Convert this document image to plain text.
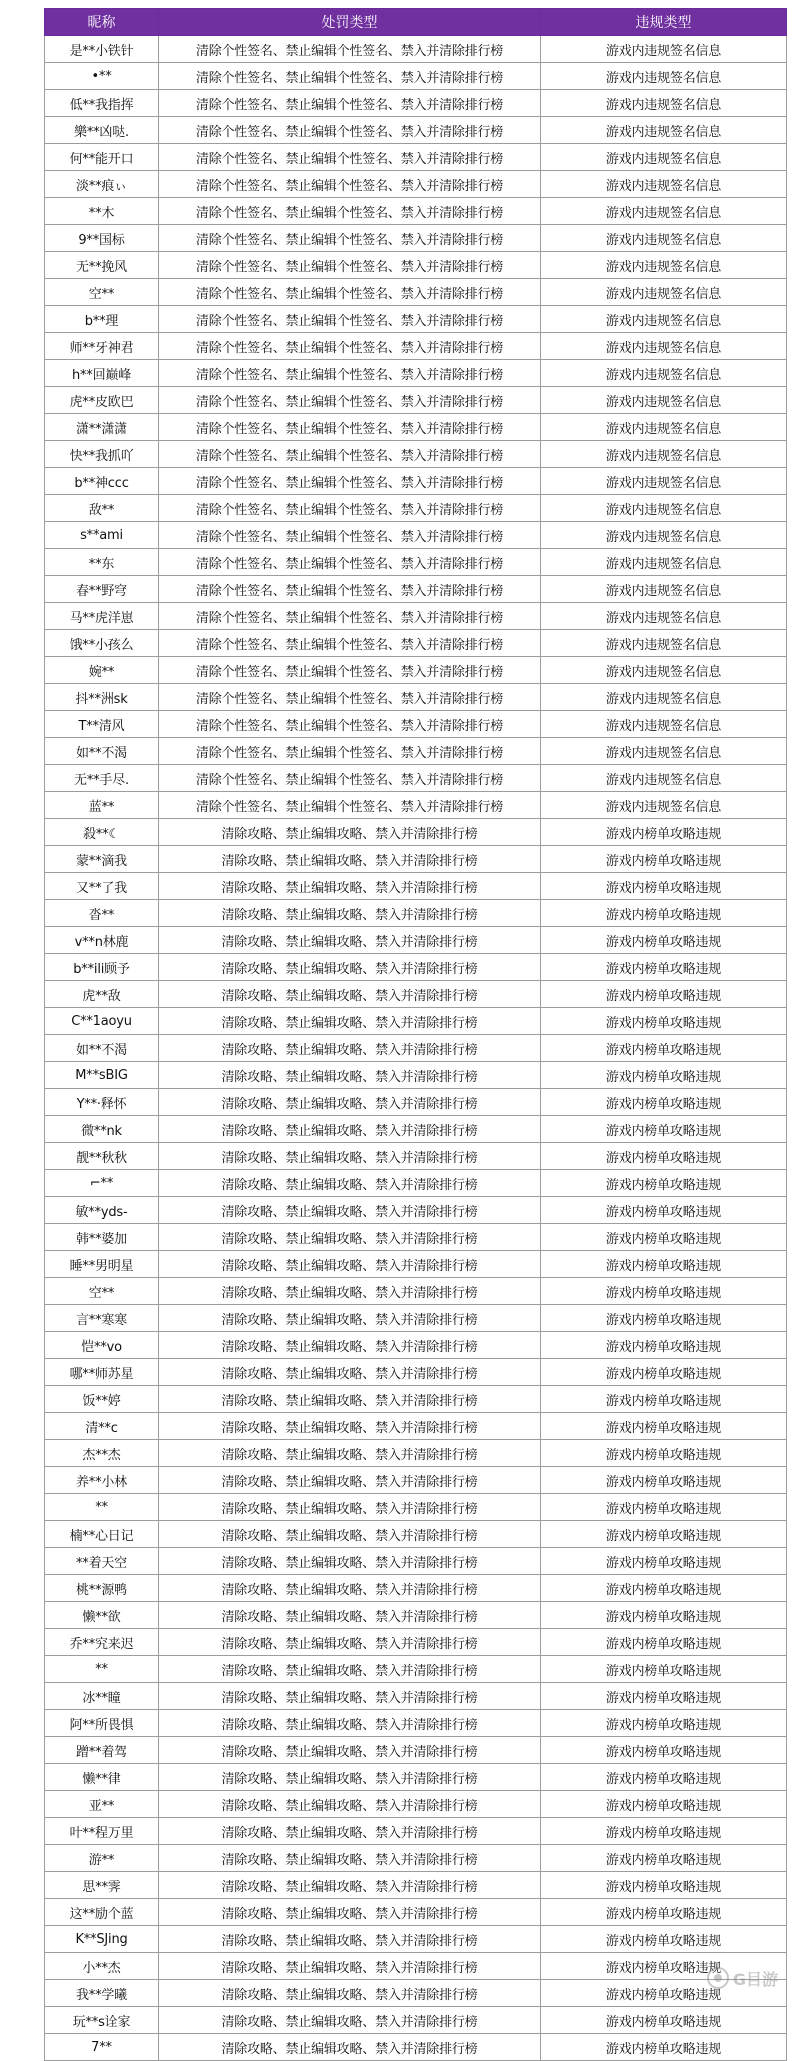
昵称	处罚类型	违规类型
是**小铁针	清除个性签名、禁止编辑个性签名、禁入并清除排行榜	游戏内违规签名信息
•**	清除个性签名、禁止编辑个性签名、禁入并清除排行榜	游戏内违规签名信息
低**我指挥	清除个性签名、禁止编辑个性签名、禁入并清除排行榜	游戏内违规签名信息
樂**凶哒.	清除个性签名、禁止编辑个性签名、禁入并清除排行榜	游戏内违规签名信息
何**能开口	清除个性签名、禁止编辑个性签名、禁入并清除排行榜	游戏内违规签名信息
淡**痕ぃ	清除个性签名、禁止编辑个性签名、禁入并清除排行榜	游戏内违规签名信息
**木	清除个性签名、禁止编辑个性签名、禁入并清除排行榜	游戏内违规签名信息
9**国标	清除个性签名、禁止编辑个性签名、禁入并清除排行榜	游戏内违规签名信息
无**挽风	清除个性签名、禁止编辑个性签名、禁入并清除排行榜	游戏内违规签名信息
空**	清除个性签名、禁止编辑个性签名、禁入并清除排行榜	游戏内违规签名信息
b**理	清除个性签名、禁止编辑个性签名、禁入并清除排行榜	游戏内违规签名信息
师**牙神君	清除个性签名、禁止编辑个性签名、禁入并清除排行榜	游戏内违规签名信息
h**回巅峰	清除个性签名、禁止编辑个性签名、禁入并清除排行榜	游戏内违规签名信息
虎**皮欧巴	清除个性签名、禁止编辑个性签名、禁入并清除排行榜	游戏内违规签名信息
潇**潇潇	清除个性签名、禁止编辑个性签名、禁入并清除排行榜	游戏内违规签名信息
快**我抓吖	清除个性签名、禁止编辑个性签名、禁入并清除排行榜	游戏内违规签名信息
b**神ccc	清除个性签名、禁止编辑个性签名、禁入并清除排行榜	游戏内违规签名信息
敌**	清除个性签名、禁止编辑个性签名、禁入并清除排行榜	游戏内违规签名信息
s**ami	清除个性签名、禁止编辑个性签名、禁入并清除排行榜	游戏内违规签名信息
**东	清除个性签名、禁止编辑个性签名、禁入并清除排行榜	游戏内违规签名信息
春**野穹	清除个性签名、禁止编辑个性签名、禁入并清除排行榜	游戏内违规签名信息
马**虎洋崽	清除个性签名、禁止编辑个性签名、禁入并清除排行榜	游戏内违规签名信息
饿**小孩么	清除个性签名、禁止编辑个性签名、禁入并清除排行榜	游戏内违规签名信息
婉**	清除个性签名、禁止编辑个性签名、禁入并清除排行榜	游戏内违规签名信息
抖**洲sk	清除个性签名、禁止编辑个性签名、禁入并清除排行榜	游戏内违规签名信息
T**清风	清除个性签名、禁止编辑个性签名、禁入并清除排行榜	游戏内违规签名信息
如**不渴	清除个性签名、禁止编辑个性签名、禁入并清除排行榜	游戏内违规签名信息
无**手尽.	清除个性签名、禁止编辑个性签名、禁入并清除排行榜	游戏内违规签名信息
蓝**	清除个性签名、禁止编辑个性签名、禁入并清除排行榜	游戏内违规签名信息
殺**☾	清除攻略、禁止编辑攻略、禁入并清除排行榜	游戏内榜单攻略违规
蒙**滴我	清除攻略、禁止编辑攻略、禁入并清除排行榜	游戏内榜单攻略违规
又**了我	清除攻略、禁止编辑攻略、禁入并清除排行榜	游戏内榜单攻略违规
沓**	清除攻略、禁止编辑攻略、禁入并清除排行榜	游戏内榜单攻略违规
v**n林鹿	清除攻略、禁止编辑攻略、禁入并清除排行榜	游戏内榜单攻略违规
b**ili顾予	清除攻略、禁止编辑攻略、禁入并清除排行榜	游戏内榜单攻略违规
虎**敌	清除攻略、禁止编辑攻略、禁入并清除排行榜	游戏内榜单攻略违规
C**1aoyu	清除攻略、禁止编辑攻略、禁入并清除排行榜	游戏内榜单攻略违规
如**不渴	清除攻略、禁止编辑攻略、禁入并清除排行榜	游戏内榜单攻略违规
M**sBIG	清除攻略、禁止编辑攻略、禁入并清除排行榜	游戏内榜单攻略违规
Y**·释怀	清除攻略、禁止编辑攻略、禁入并清除排行榜	游戏内榜单攻略违规
微**nk	清除攻略、禁止编辑攻略、禁入并清除排行榜	游戏内榜单攻略违规
靓**秋秋	清除攻略、禁止编辑攻略、禁入并清除排行榜	游戏内榜单攻略违规
⌐**	清除攻略、禁止编辑攻略、禁入并清除排行榜	游戏内榜单攻略违规
敏**yds-	清除攻略、禁止编辑攻略、禁入并清除排行榜	游戏内榜单攻略违规
韩**婆加	清除攻略、禁止编辑攻略、禁入并清除排行榜	游戏内榜单攻略违规
睡**男明星	清除攻略、禁止编辑攻略、禁入并清除排行榜	游戏内榜单攻略违规
空**	清除攻略、禁止编辑攻略、禁入并清除排行榜	游戏内榜单攻略违规
言**寒寒	清除攻略、禁止编辑攻略、禁入并清除排行榜	游戏内榜单攻略违规
恺**vo	清除攻略、禁止编辑攻略、禁入并清除排行榜	游戏内榜单攻略违规
哪**师苏星	清除攻略、禁止编辑攻略、禁入并清除排行榜	游戏内榜单攻略违规
饭**婷	清除攻略、禁止编辑攻略、禁入并清除排行榜	游戏内榜单攻略违规
清**c	清除攻略、禁止编辑攻略、禁入并清除排行榜	游戏内榜单攻略违规
杰**杰	清除攻略、禁止编辑攻略、禁入并清除排行榜	游戏内榜单攻略违规
养**小林	清除攻略、禁止编辑攻略、禁入并清除排行榜	游戏内榜单攻略违规
**	清除攻略、禁止编辑攻略、禁入并清除排行榜	游戏内榜单攻略违规
楠**心日记	清除攻略、禁止编辑攻略、禁入并清除排行榜	游戏内榜单攻略违规
**着天空	清除攻略、禁止编辑攻略、禁入并清除排行榜	游戏内榜单攻略违规
桃**源鸭	清除攻略、禁止编辑攻略、禁入并清除排行榜	游戏内榜单攻略违规
懒**欲	清除攻略、禁止编辑攻略、禁入并清除排行榜	游戏内榜单攻略违规
乔**究来迟	清除攻略、禁止编辑攻略、禁入并清除排行榜	游戏内榜单攻略违规
**	清除攻略、禁止编辑攻略、禁入并清除排行榜	游戏内榜单攻略违规
冰**瞳	清除攻略、禁止编辑攻略、禁入并清除排行榜	游戏内榜单攻略违规
阿**所畏惧	清除攻略、禁止编辑攻略、禁入并清除排行榜	游戏内榜单攻略违规
蹭**着驾	清除攻略、禁止编辑攻略、禁入并清除排行榜	游戏内榜单攻略违规
懒**律	清除攻略、禁止编辑攻略、禁入并清除排行榜	游戏内榜单攻略违规
亚**	清除攻略、禁止编辑攻略、禁入并清除排行榜	游戏内榜单攻略违规
叶**程万里	清除攻略、禁止编辑攻略、禁入并清除排行榜	游戏内榜单攻略违规
游**	清除攻略、禁止编辑攻略、禁入并清除排行榜	游戏内榜单攻略违规
思**霁	清除攻略、禁止编辑攻略、禁入并清除排行榜	游戏内榜单攻略违规
这**励个蓝	清除攻略、禁止编辑攻略、禁入并清除排行榜	游戏内榜单攻略违规
K**SJing	清除攻略、禁止编辑攻略、禁入并清除排行榜	游戏内榜单攻略违规
小**杰	清除攻略、禁止编辑攻略、禁入并清除排行榜	游戏内榜单攻略违规
我**学曦	清除攻略、禁止编辑攻略、禁入并清除排行榜	游戏内榜单攻略违规
玩**s诠家	清除攻略、禁止编辑攻略、禁入并清除排行榜	游戏内榜单攻略违规
7**	清除攻略、禁止编辑攻略、禁入并清除排行榜	游戏内榜单攻略违规
G目游
